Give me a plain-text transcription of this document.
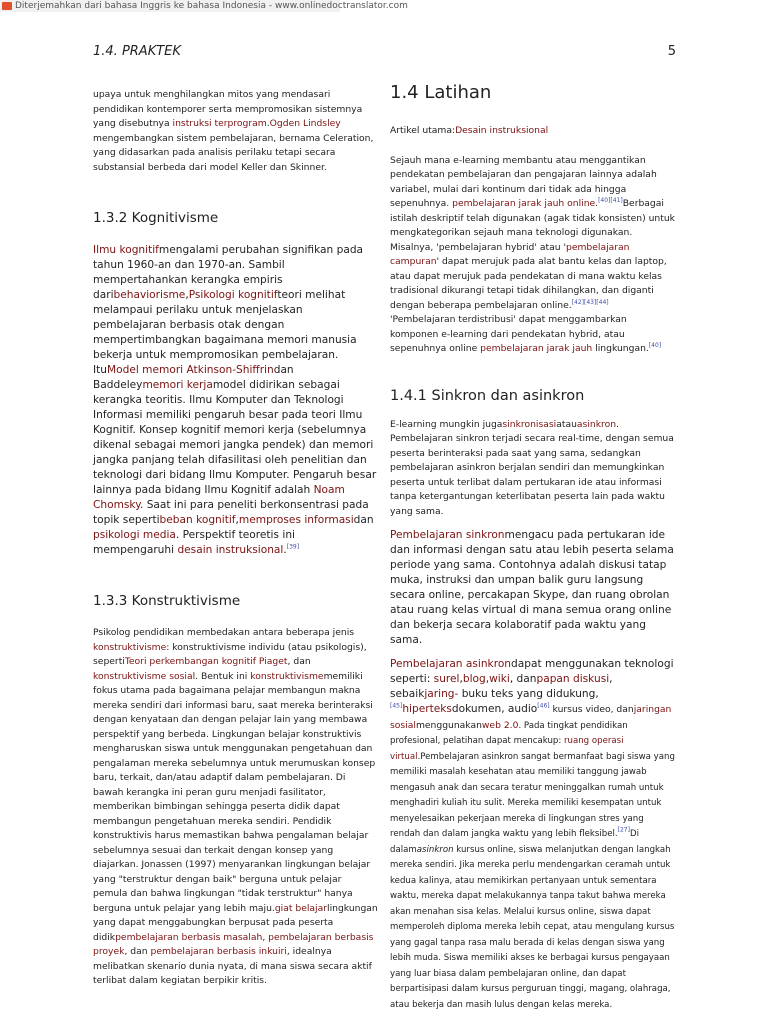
Diterjemahkan dari bahasa Inggris ke bahasa Indonesia - www.onlinedoctranslator.com
1.4. PRAKTEK	5

upaya untuk menghilangkan mitos yang mendasari pendidikan kontemporer serta mempromosikan sistemnya yang disebutnya instruksi terprogram.Ogden Lindsley mengembangkan sistem pembelajaran, bernama Celeration, yang didasarkan pada analisis perilaku tetapi secara substansial berbeda dari model Keller dan Skinner.

1.3.2 Kognitivisme

Ilmu kognitifmengalami perubahan signifikan pada tahun 1960-an dan 1970-an. Sambil mempertahankan kerangka empiris daribehaviorisme,Psikologi kognitifteori melihat melampaui perilaku untuk menjelaskan pembelajaran berbasis otak dengan mempertimbangkan bagaimana memori manusia bekerja untuk mempromosikan pembelajaran. ItuModel memori Atkinson-Shiffrindan Baddeleymemori kerjamodel didirikan sebagai kerangka teoritis. Ilmu Komputer dan Teknologi Informasi memiliki pengaruh besar pada teori Ilmu Kognitif. Konsep kognitif memori kerja (sebelumnya dikenal sebagai memori jangka pendek) dan memori jangka panjang telah difasilitasi oleh penelitian dan teknologi dari bidang Ilmu Komputer. Pengaruh besar lainnya pada bidang Ilmu Kognitif adalah Noam Chomsky. Saat ini para peneliti berkonsentrasi pada topik sepertibeban kognitif,memproses informasidan psikologi media. Perspektif teoretis ini mempengaruhi desain instruksional.[39]

1.3.3 Konstruktivisme

Psikolog pendidikan membedakan antara beberapa jenis konstruktivisme: konstruktivisme individu (atau psikologis), sepertiTeori perkembangan kognitif Piaget, dan konstruktivisme sosial. Bentuk ini konstruktivismememiliki fokus utama pada bagaimana pelajar membangun makna mereka sendiri dari informasi baru, saat mereka berinteraksi dengan kenyataan dan dengan pelajar lain yang membawa perspektif yang berbeda. Lingkungan belajar konstruktivis mengharuskan siswa untuk menggunakan pengetahuan dan pengalaman mereka sebelumnya untuk merumuskan konsep baru, terkait, dan/atau adaptif dalam pembelajaran. Di bawah kerangka ini peran guru menjadi fasilitator, memberikan bimbingan sehingga peserta didik dapat membangun pengetahuan mereka sendiri. Pendidik konstruktivis harus memastikan bahwa pengalaman belajar sebelumnya sesuai dan terkait dengan konsep yang diajarkan. Jonassen (1997) menyarankan lingkungan belajar yang "terstruktur dengan baik" berguna untuk pelajar pemula dan bahwa lingkungan "tidak terstruktur" hanya berguna untuk pelajar yang lebih maju.giat belajarlingkungan yang dapat menggabungkan berpusat pada peserta didikpembelajaran berbasis masalah, pembelajaran berbasis proyek, dan pembelajaran berbasis inkuiri, idealnya melibatkan skenario dunia nyata, di mana siswa secara aktif terlibat dalam kegiatan berpikir kritis.

1.4 Latihan

Artikel utama:Desain instruksional

Sejauh mana e-learning membantu atau menggantikan pendekatan pembelajaran dan pengajaran lainnya adalah variabel, mulai dari kontinum dari tidak ada hingga sepenuhnya. pembelajaran jarak jauh online.[40][41]Berbagai istilah deskriptif telah digunakan (agak tidak konsisten) untuk mengkategorikan sejauh mana teknologi digunakan. Misalnya, 'pembelajaran hybrid' atau 'pembelajaran campuran' dapat merujuk pada alat bantu kelas dan laptop, atau dapat merujuk pada pendekatan di mana waktu kelas tradisional dikurangi tetapi tidak dihilangkan, dan diganti dengan beberapa pembelajaran online.[42][43][44] 'Pembelajaran terdistribusi' dapat menggambarkan komponen e-learning dari pendekatan hybrid, atau sepenuhnya online pembelajaran jarak jauh lingkungan.[40]

1.4.1 Sinkron dan asinkron

E-learning mungkin jugasinkronisasiatauasinkron. Pembelajaran sinkron terjadi secara real-time, dengan semua peserta berinteraksi pada saat yang sama, sedangkan pembelajaran asinkron berjalan sendiri dan memungkinkan peserta untuk terlibat dalam pertukaran ide atau informasi tanpa ketergantungan keterlibatan peserta lain pada waktu yang sama.

Pembelajaran sinkronmengacu pada pertukaran ide dan informasi dengan satu atau lebih peserta selama periode yang sama. Contohnya adalah diskusi tatap muka, instruksi dan umpan balik guru langsung secara online, percakapan Skype, dan ruang obrolan atau ruang kelas virtual di mana semua orang online dan bekerja secara kolaboratif pada waktu yang sama.

Pembelajaran asinkrondapat menggunakan teknologi seperti: surel,blog,wiki, danpapan diskusi, sebaikjaring- buku teks yang didukung,[45]hiperteksdokumen, audio[46] kursus video, danjaringan sosialmenggunakanweb 2.0. Pada tingkat pendidikan profesional, pelatihan dapat mencakup: ruang operasi virtual.Pembelajaran asinkron sangat bermanfaat bagi siswa yang memiliki masalah kesehatan atau memiliki tanggung jawab mengasuh anak dan secara teratur meninggalkan rumah untuk menghadiri kuliah itu sulit. Mereka memiliki kesempatan untuk menyelesaikan pekerjaan mereka di lingkungan stres yang rendah dan dalam jangka waktu yang lebih fleksibel.[27]Di dalamasinkron kursus online, siswa melanjutkan dengan langkah mereka sendiri. Jika mereka perlu mendengarkan ceramah untuk kedua kalinya, atau memikirkan pertanyaan untuk sementara waktu, mereka dapat melakukannya tanpa takut bahwa mereka akan menahan sisa kelas. Melalui kursus online, siswa dapat memperoleh diploma mereka lebih cepat, atau mengulang kursus yang gagal tanpa rasa malu berada di kelas dengan siswa yang lebih muda. Siswa memiliki akses ke berbagai kursus pengayaan yang luar biasa dalam pembelajaran online, dan dapat berpartisipasi dalam kursus perguruan tinggi, magang, olahraga, atau bekerja dan masih lulus dengan kelas mereka.
